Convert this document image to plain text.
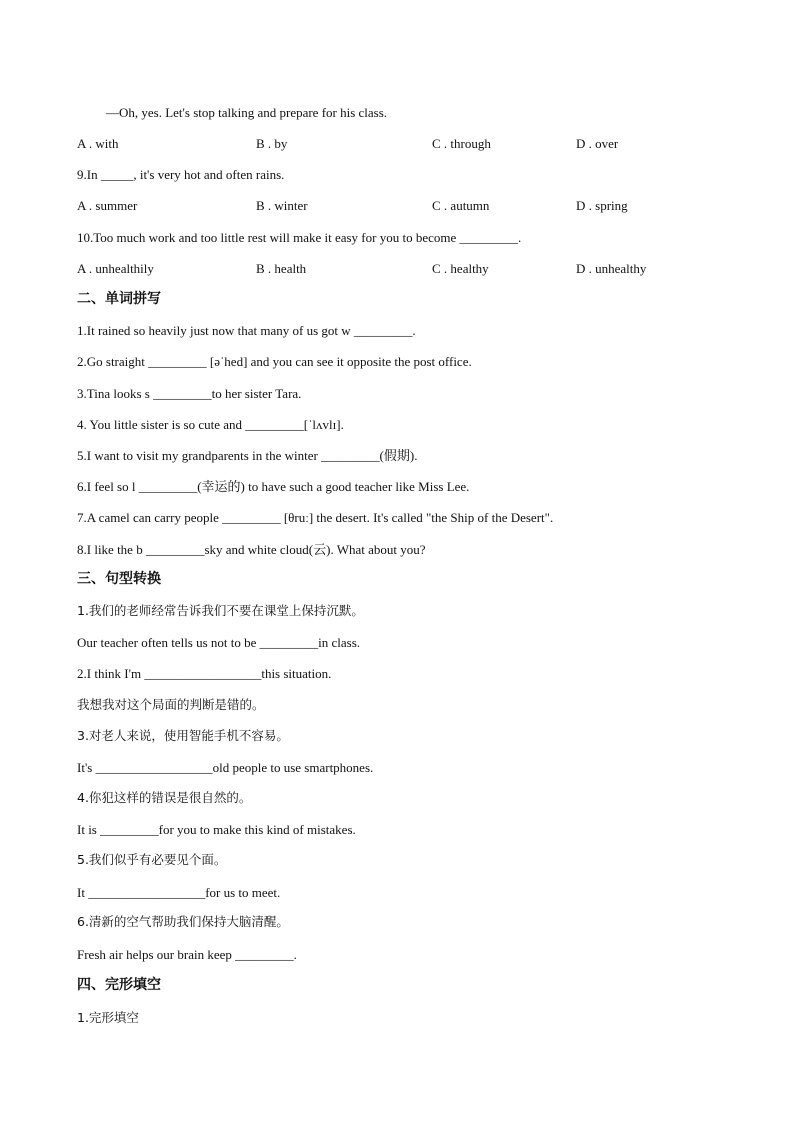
—Oh, yes. Let's stop talking and prepare for his class.
A . with	B . by	C . through	D . over
9.In _____, it's very hot and often rains.
A . summer	B . winter	C . autumn	D . spring
10.Too much work and too little rest will make it easy for you to become _________.
A . unhealthily	B . health	C . healthy	D . unhealthy
二、单词拼写
1.It rained so heavily just now that many of us got w _________.
2.Go straight _________ [əˈhed] and you can see it opposite the post office.
3.Tina looks s _________to her sister Tara.
4. You little sister is so cute and _________[ˈlʌvlɪ].
5.I want to visit my grandparents in the winter _________(假期).
6.I feel so l _________(幸运的) to have such a good teacher like Miss Lee.
7.A camel can carry people _________ [θruː] the desert. It's called "the Ship of the Desert".
8.I like the b _________sky and white cloud(云). What about you?
三、句型转换
1.我们的老师经常告诉我们不要在课堂上保持沉默。
Our teacher often tells us not to be _________in class.
2.I think I'm __________________this situation.
我想我对这个局面的判断是错的。
3.对老人来说，使用智能手机不容易。
It's __________________old people to use smartphones.
4.你犯这样的错误是很自然的。
It is _________for you to make this kind of mistakes.
5.我们似乎有必要见个面。
It __________________for us to meet.
6.清新的空气帮助我们保持大脑清醒。
Fresh air helps our brain keep _________.
四、完形填空
1.完形填空
